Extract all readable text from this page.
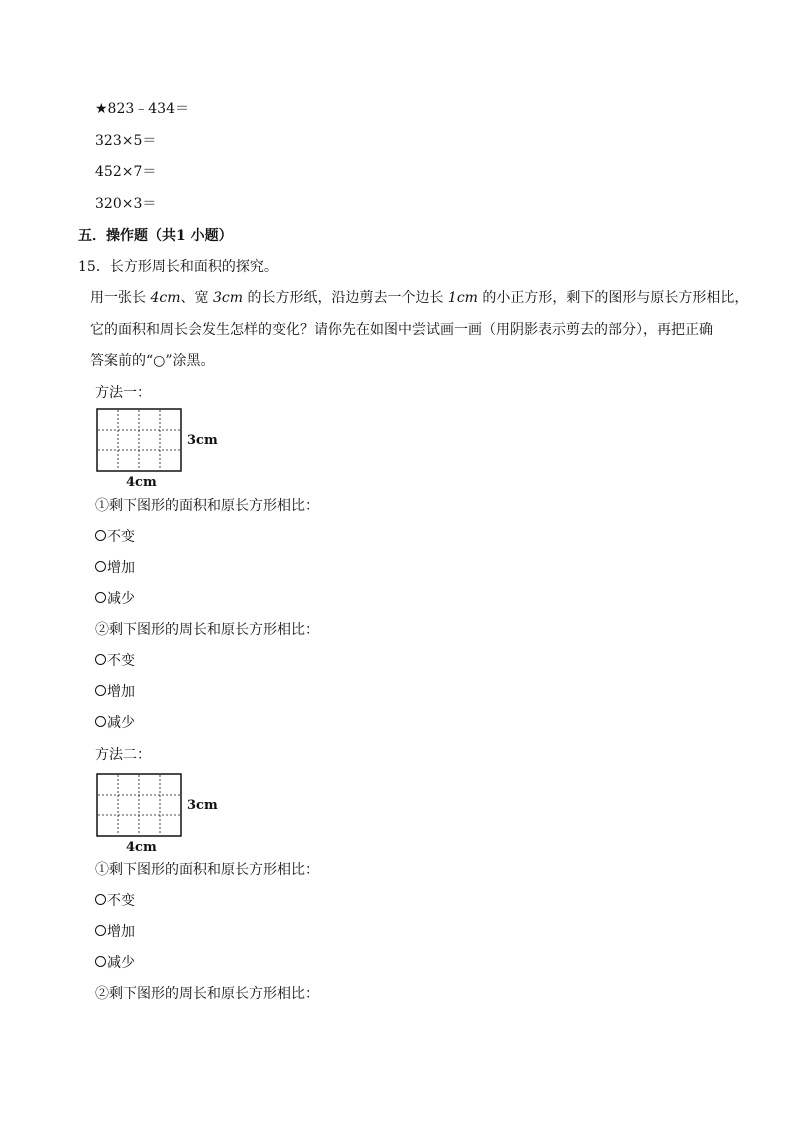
★823﹣434＝
323×5＝
452×7＝
320×3＝
五．操作题（共1 小题）
15．长方形周长和面积的探究。
用一张长 4cm、宽 3cm 的长方形纸，沿边剪去一个边长 1cm 的小正方形，剩下的图形与原长方形相比，
它的面积和周长会发生怎样的变化？请你先在如图中尝试画一画（用阴影表示剪去的部分），再把正确
答案前的“○”涂黑。
方法一：
3cm
4cm
①剩下图形的面积和原长方形相比：
不变
增加
减少
②剩下图形的周长和原长方形相比：
不变
增加
减少
方法二：
3cm
4cm
①剩下图形的面积和原长方形相比：
不变
增加
减少
②剩下图形的周长和原长方形相比：
